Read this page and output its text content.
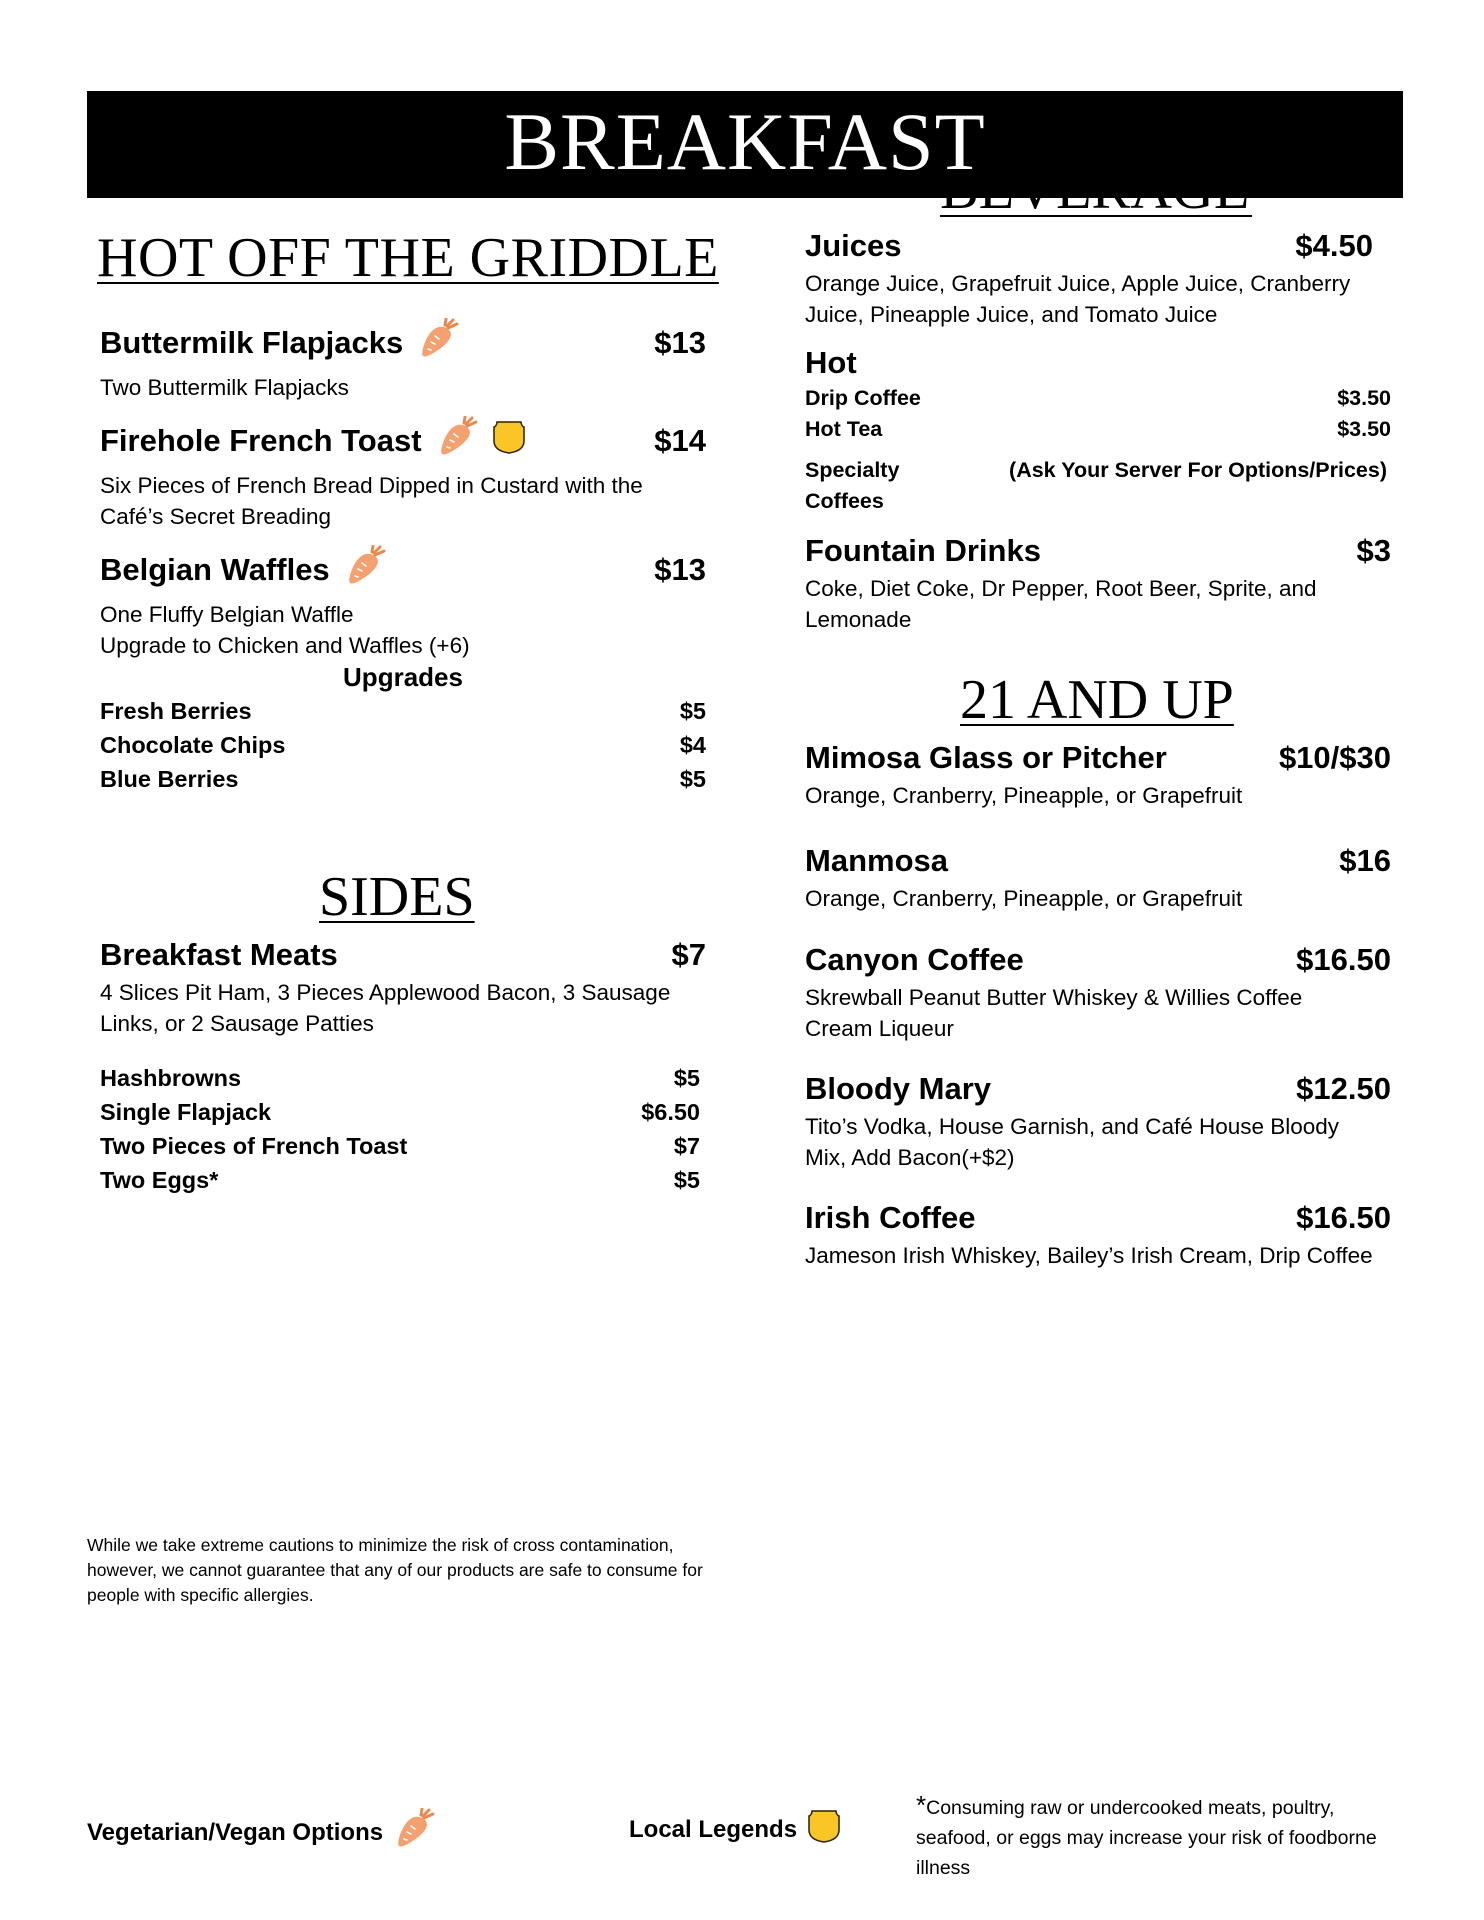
BREAKFAST
HOT OFF THE GRIDDLE
Buttermilk Flapjacks	$13
Two Buttermilk Flapjacks
Firehole French Toast	$14
Six Pieces of French Bread Dipped in Custard with the Café’s Secret Breading
Belgian Waffles	$13
One Fluffy Belgian Waffle
Upgrade to Chicken and Waffles (+6)
Upgrades
Fresh Berries	$5
Chocolate Chips	$4
Blue Berries	$5
SIDES
Breakfast Meats	$7
4 Slices Pit Ham, 3 Pieces Applewood Bacon, 3 Sausage Links, or 2 Sausage Patties
Hashbrowns	$5
Single Flapjack	$6.50
Two Pieces of French Toast	$7
Two Eggs*	$5
Juices	$4.50
Orange Juice, Grapefruit Juice, Apple Juice, Cranberry Juice, Pineapple Juice, and Tomato Juice
Hot
Drip Coffee	$3.50
Hot Tea	$3.50
Specialty
Coffees
(Ask Your Server For Options/Prices)
Fountain Drinks	$3
Coke, Diet Coke, Dr Pepper, Root Beer, Sprite, and Lemonade
21 AND UP
Mimosa Glass or Pitcher	$10/$30
Orange, Cranberry, Pineapple, or Grapefruit
Manmosa	$16
Orange, Cranberry, Pineapple, or Grapefruit
Canyon Coffee	$16.50
Skrewball Peanut Butter Whiskey & Willies Coffee Cream Liqueur
Bloody Mary	$12.50
Tito’s Vodka, House Garnish, and Café House Bloody Mix, Add Bacon(+$2)
Irish Coffee	$16.50
Jameson Irish Whiskey, Bailey’s Irish Cream, Drip Coffee
While we take extreme cautions to minimize the risk of cross contamination, however, we cannot guarantee that any of our products are safe to consume for people with specific allergies.
Vegetarian/Vegan Options	Local Legends
*Consuming raw or undercooked meats, poultry, seafood, or eggs may increase your risk of foodborne illness
